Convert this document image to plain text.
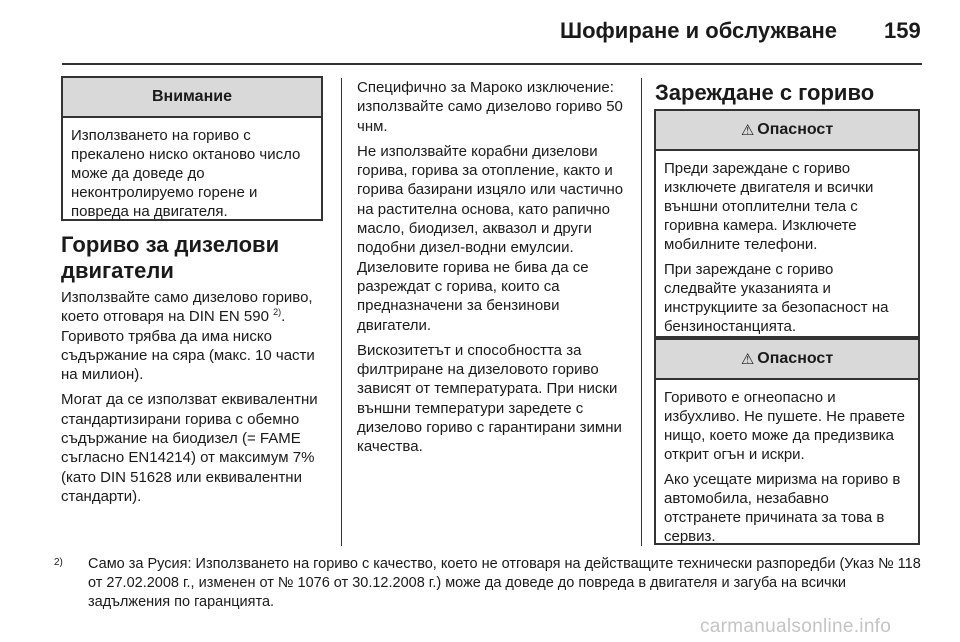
Шофиране и обслужване 159
Внимание

Използването на гориво с прекалено ниско октаново число може да доведе до неконтролируемо горене и повреда на двигателя.

Гориво за дизелови двигатели

Използвайте само дизелово гориво, което отговаря на DIN EN 590 $^{2)}$. Горивото трябва да има ниско съдържание на сяра (макс. 10 части на милион).

Могат да се използват еквивалентни стандартизирани горива с обемно съдържание на биодизел (= FAME съгласно EN14214) от максимум 7% (като DIN 51628 или еквивалентни стандарти).

Специфично за Мароко изключение: използвайте само дизелово гориво 50 чнм.

Не използвайте корабни дизелови горива, горива за отопление, както и горива базирани изцяло или частично на растителна основа, като рапично масло, биодизел, аквазол и други подобни дизел-водни емулсии. Дизеловите горива не бива да се разреждат с горива, които са предназначени за бензинови двигатели.

Вискозитетът и способността за филтриране на дизеловото гориво зависят от температурата. При ниски външни температури заредете с дизелово гориво с гарантирани зимни качества.

Зареждане с гориво
⚠ Опасност

Преди зареждане с гориво изключете двигателя и всички външни отоплителни тела с горивна камера. Изключете мобилните телефони.

При зареждане с гориво следвайте указанията и инструкциите за безопасност на бензиностанцията.

⚠ Опасност

Горивото е огнеопасно и избухливо. Не пушете. Не правете нищо, което може да предизвика открит огън и искри.

Ако усещате миризма на гориво в автомобила, незабавно отстранете причината за това в сервиз.

2) Само за Русия: Използването на гориво с качество, което не отговаря на действащите технически разпоредби (Указ № 118 от 27.02.2008 г., изменен от № 1076 от 30.12.2008 г.) може да доведе до повреда в двигателя и загуба на всички задължения по гаранцията.
carmanualsonline.info
